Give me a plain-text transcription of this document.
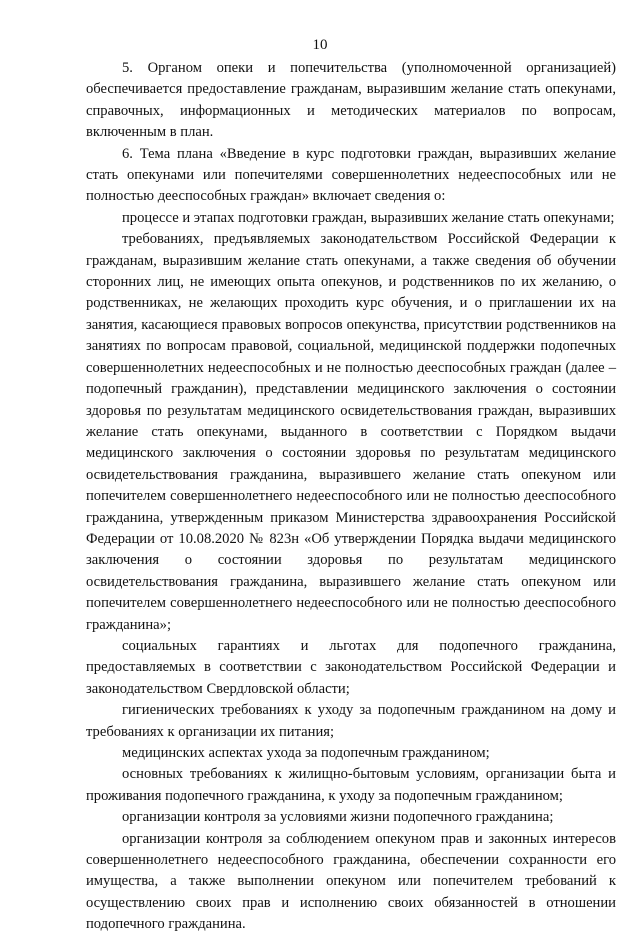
10

5. Органом опеки и попечительства (уполномоченной организацией) обеспечивается предоставление гражданам, выразившим желание стать опекунами, справочных, информационных и методических материалов по вопросам, включенным в план.

6. Тема плана «Введение в курс подготовки граждан, выразивших желание стать опекунами или попечителями совершеннолетних недееспособных или не полностью дееспособных граждан» включает сведения о:

процессе и этапах подготовки граждан, выразивших желание стать опекунами;

требованиях, предъявляемых законодательством Российской Федерации к гражданам, выразившим желание стать опекунами, а также сведения об обучении сторонних лиц, не имеющих опыта опекунов, и родственников по их желанию, о родственниках, не желающих проходить курс обучения, и о приглашении их на занятия, касающиеся правовых вопросов опекунства, присутствии родственников на занятиях по вопросам правовой, социальной, медицинской поддержки подопечных совершеннолетних недееспособных и не полностью дееспособных граждан (далее – подопечный гражданин), представлении медицинского заключения о состоянии здоровья по результатам медицинского освидетельствования граждан, выразивших желание стать опекунами, выданного в соответствии с Порядком выдачи медицинского заключения о состоянии здоровья по результатам медицинского освидетельствования гражданина, выразившего желание стать опекуном или попечителем совершеннолетнего недееспособного или не полностью дееспособного гражданина, утвержденным приказом Министерства здравоохранения Российской Федерации от 10.08.2020 № 823н «Об утверждении Порядка выдачи медицинского заключения о состоянии здоровья по результатам медицинского освидетельствования гражданина, выразившего желание стать опекуном или попечителем совершеннолетнего недееспособного или не полностью дееспособного гражданина»;

социальных гарантиях и льготах для подопечного гражданина, предоставляемых в соответствии с законодательством Российской Федерации и законодательством Свердловской области;

гигиенических требованиях к уходу за подопечным гражданином на дому и требованиях к организации их питания;

медицинских аспектах ухода за подопечным гражданином;

основных требованиях к жилищно-бытовым условиям, организации быта и проживания подопечного гражданина, к уходу за подопечным гражданином;

организации контроля за условиями жизни подопечного гражданина;

организации контроля за соблюдением опекуном прав и законных интересов совершеннолетнего недееспособного гражданина, обеспечении сохранности его имущества, а также выполнении опекуном или попечителем требований к осуществлению своих прав и исполнению своих обязанностей в отношении подопечного гражданина.
